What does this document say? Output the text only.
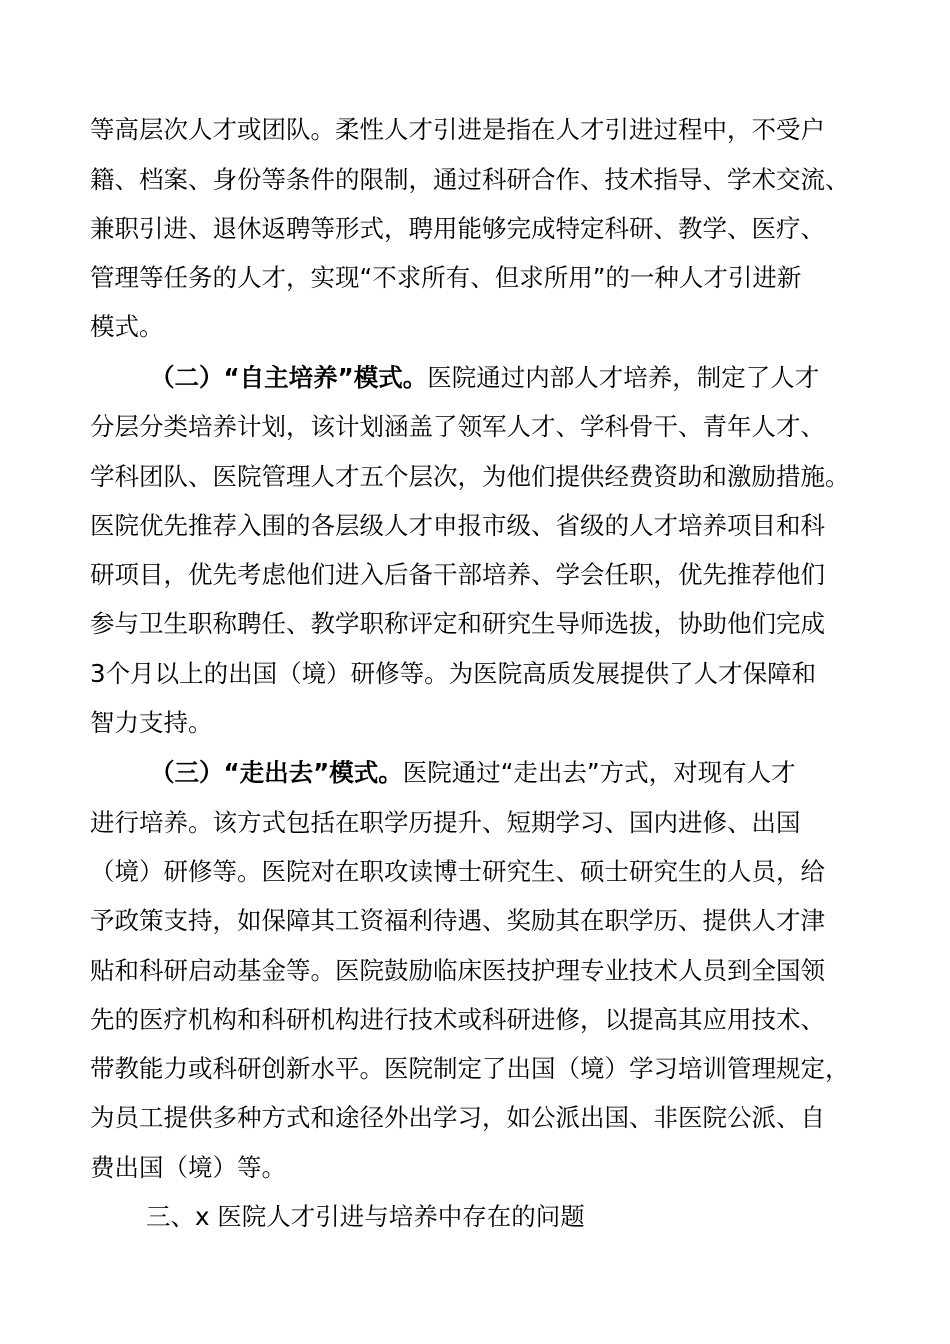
等高层次人才或团队。柔性人才引进是指在人才引进过程中，不受户
籍、档案、身份等条件的限制，通过科研合作、技术指导、学术交流、
兼职引进、退休返聘等形式，聘用能够完成特定科研、教学、医疗、
管理等任务的人才，实现“不求所有、但求所用”的一种人才引进新
模式。
（二）“自主培养”模式。医院通过内部人才培养，制定了人才
分层分类培养计划，该计划涵盖了领军人才、学科骨干、青年人才、
学科团队、医院管理人才五个层次，为他们提供经费资助和激励措施。
医院优先推荐入围的各层级人才申报市级、省级的人才培养项目和科
研项目，优先考虑他们进入后备干部培养、学会任职，优先推荐他们
参与卫生职称聘任、教学职称评定和研究生导师选拔，协助他们完成
3个月以上的出国（境）研修等。为医院高质发展提供了人才保障和
智力支持。
（三）“走出去”模式。医院通过“走出去”方式，对现有人才
进行培养。该方式包括在职学历提升、短期学习、国内进修、出国
（境）研修等。医院对在职攻读博士研究生、硕士研究生的人员，给
予政策支持，如保障其工资福利待遇、奖励其在职学历、提供人才津
贴和科研启动基金等。医院鼓励临床医技护理专业技术人员到全国领
先的医疗机构和科研机构进行技术或科研进修，以提高其应用技术、
带教能力或科研创新水平。医院制定了出国（境）学习培训管理规定，
为员工提供多种方式和途径外出学习，如公派出国、非医院公派、自
费出国（境）等。
三、x 医院人才引进与培养中存在的问题
